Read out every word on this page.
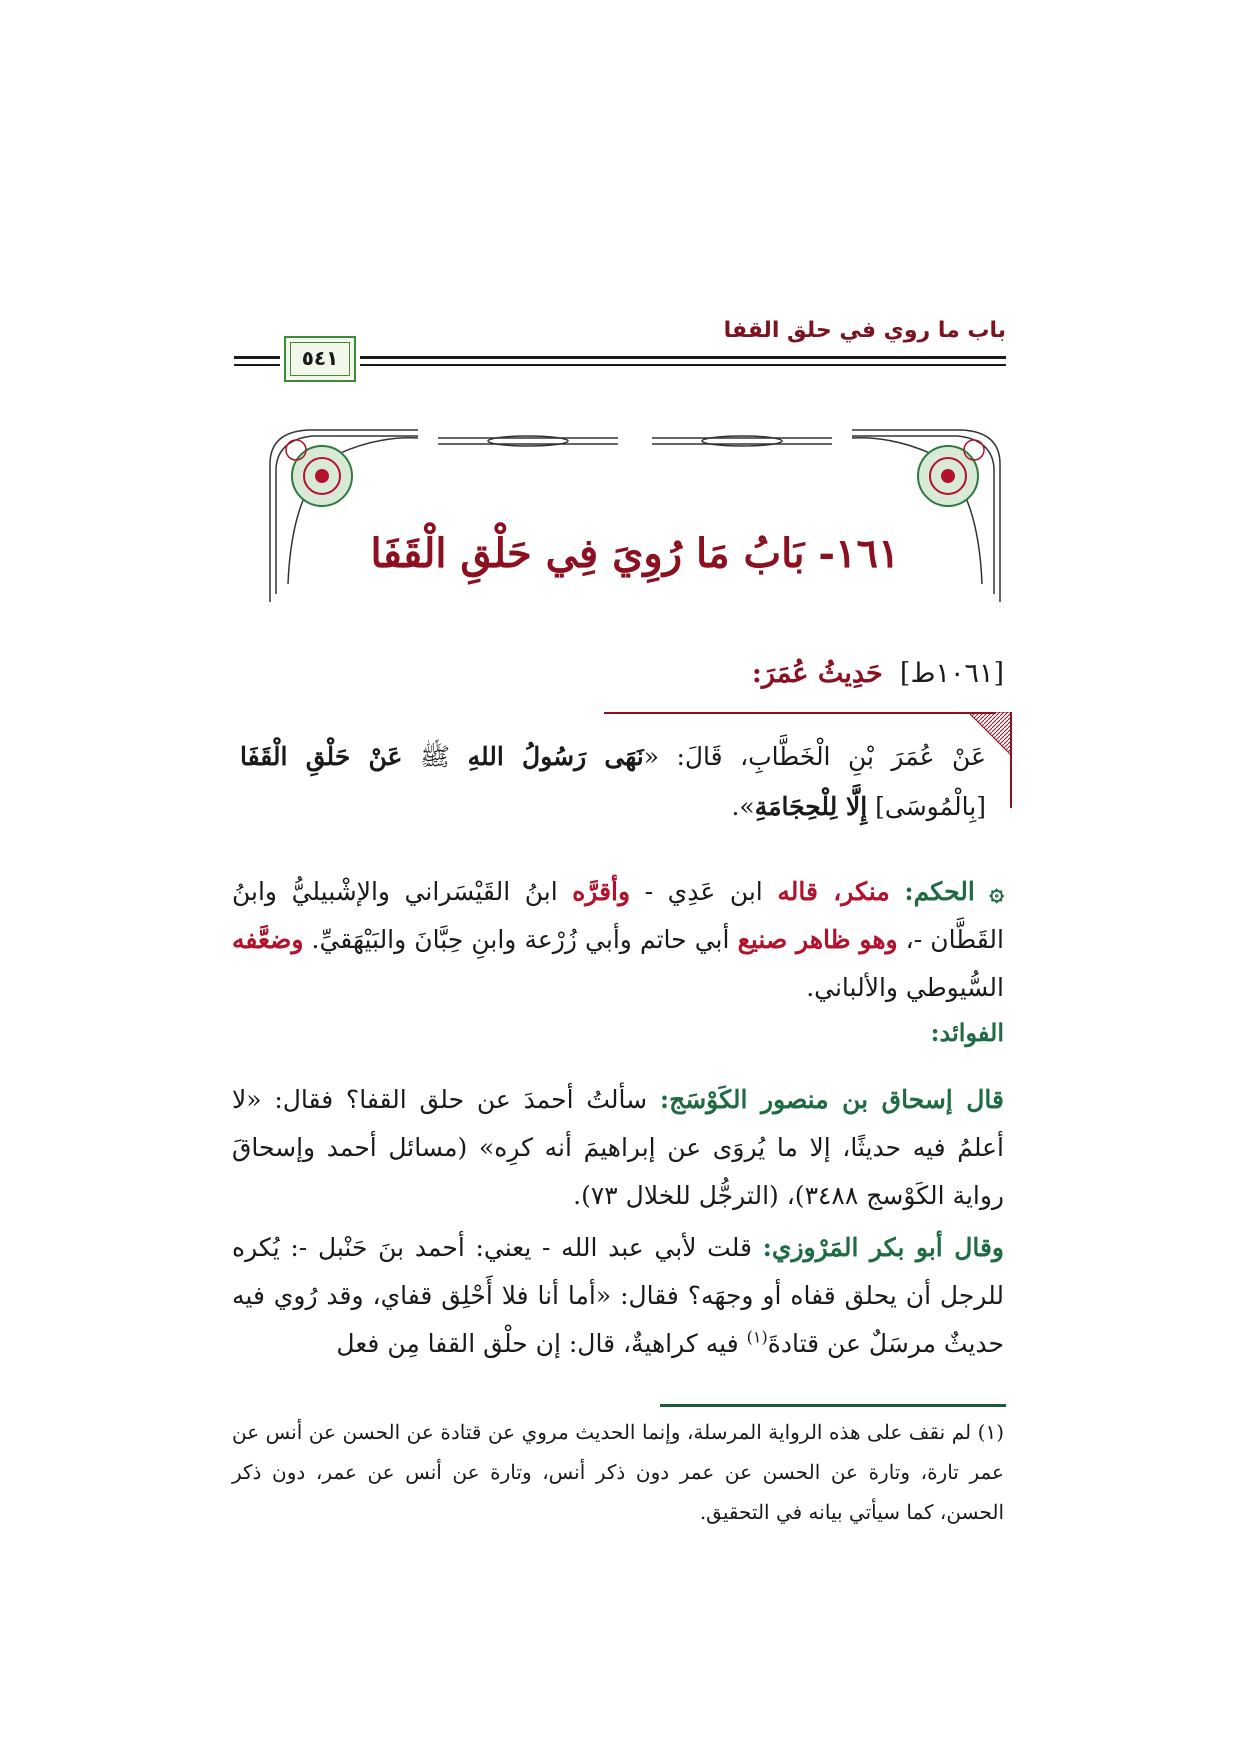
باب ما روي في حلق القفا
٥٤١
١٦١- بَابُ مَا رُوِيَ فِي حَلْقِ الْقَفَا
[١٠٦١ط]  حَدِيثُ عُمَرَ:
عَنْ عُمَرَ بْنِ الْخَطَّابِ، قَالَ: «نَهَى رَسُولُ اللهِ ﷺ عَنْ حَلْقِ الْقَفَا [بِالْمُوسَى] إِلَّا لِلْحِجَامَةِ».
۞ الحكم: منكر، قاله ابن عَدِي - وأقرَّه ابنُ القَيْسَراني والإشْبيليُّ وابنُ القَطَّان -، وهو ظاهر صنيع أبي حاتم وأبي زُرْعة وابنِ حِبَّانَ والبَيْهَقيِّ. وضعَّفه السُّيوطي والألباني.
الفوائد:
قال إسحاق بن منصور الكَوْسَج: سألتُ أحمدَ عن حلق القفا؟ فقال: «لا أعلمُ فيه حديثًا، إلا ما يُروَى عن إبراهيمَ أنه كرِه» (مسائل أحمد وإسحاقَ رواية الكَوْسج ٣٤٨٨)، (الترجُّل للخلال ٧٣).
وقال أبو بكر المَرْوزي: قلت لأبي عبد الله - يعني: أحمد بنَ حَنْبل -: يُكره للرجل أن يحلق قفاه أو وجهَه؟ فقال: «أما أنا فلا أَحْلِق قفاي، وقد رُوي فيه حديثٌ مرسَلٌ عن قتادةَ$^{(١)}$ فيه كراهيةٌ، قال: إن حلْق القفا مِن فعل
(١) لم نقف على هذه الرواية المرسلة، وإنما الحديث مروي عن قتادة عن الحسن عن أنس عن عمر تارة، وتارة عن الحسن عن عمر دون ذكر أنس، وتارة عن أنس عن عمر، دون ذكر الحسن، كما سيأتي بيانه في التحقيق.
